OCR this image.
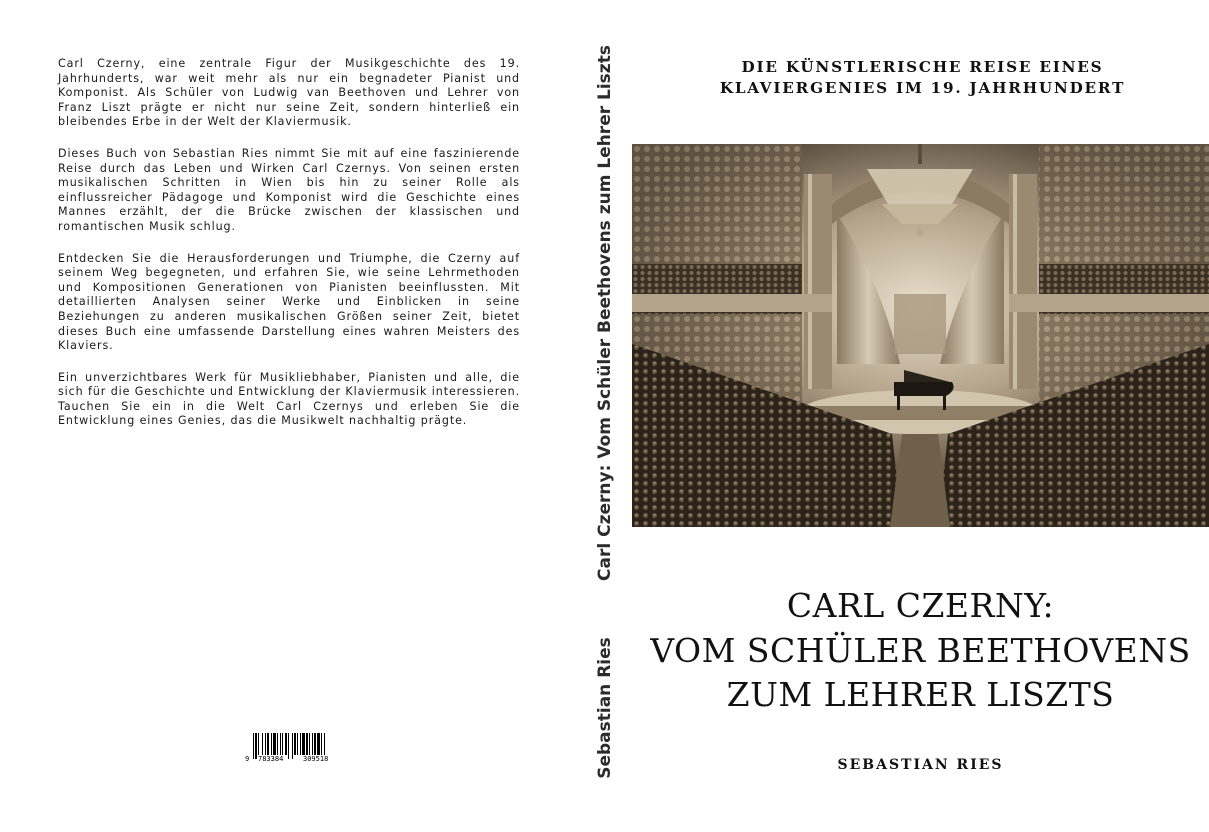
Carl Czerny, eine zentrale Figur der Musikgeschichte des 19. Jahrhunderts, war weit mehr als nur ein begnadeter Pianist und Komponist. Als Schüler von Ludwig van Beethoven und Lehrer von Franz Liszt prägte er nicht nur seine Zeit, sondern hinterließ ein bleibendes Erbe in der Welt der Klaviermusik.

Dieses Buch von Sebastian Ries nimmt Sie mit auf eine faszinierende Reise durch das Leben und Wirken Carl Czernys. Von seinen ersten musikalischen Schritten in Wien bis hin zu seiner Rolle als einflussreicher Pädagoge und Komponist wird die Geschichte eines Mannes erzählt, der die Brücke zwischen der klassischen und romantischen Musik schlug.

Entdecken Sie die Herausforderungen und Triumphe, die Czerny auf seinem Weg begegneten, und erfahren Sie, wie seine Lehrmethoden und Kompositionen Generationen von Pianisten beeinflussten. Mit detaillierten Analysen seiner Werke und Einblicken in seine Beziehungen zu anderen musikalischen Größen seiner Zeit, bietet dieses Buch eine umfassende Darstellung eines wahren Meisters des Klaviers.

Ein unverzichtbares Werk für Musikliebhaber, Pianisten und alle, die sich für die Geschichte und Entwicklung der Klaviermusik interessieren. Tauchen Sie ein in die Welt Carl Czernys und erleben Sie die Entwicklung eines Genies, das die Musikwelt nachhaltig prägte.

9 783384	309518
Carl Czerny: Vom Schüler Beethovens zum Lehrer Liszts
Sebastian Ries
DIE KÜNSTLERISCHE REISE EINES
KLAVIERGENIES IM 19. JAHRHUNDERT
CARL CZERNY:
VOM SCHÜLER BEETHOVENS
ZUM LEHRER LISZTS
SEBASTIAN RIES
